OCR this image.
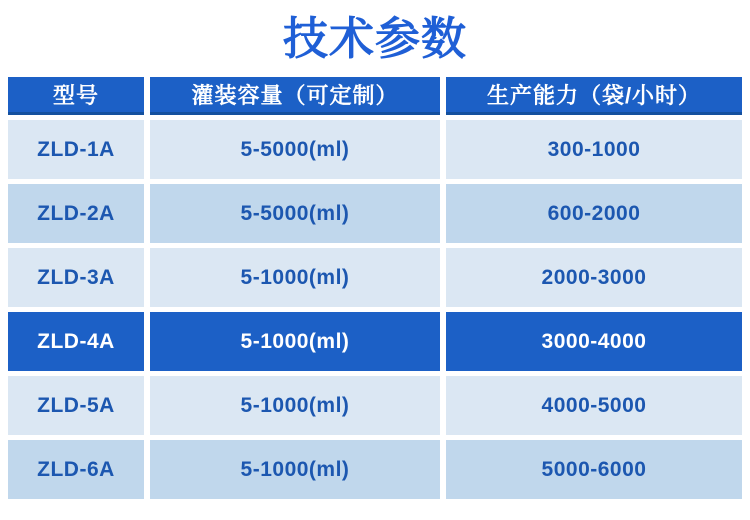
技术参数
型号	灌装容量（可定制）	生产能力（袋/小时）
ZLD-1A	5-5000(ml)	300-1000
ZLD-2A	5-5000(ml)	600-2000
ZLD-3A	5-1000(ml)	2000-3000
ZLD-4A	5-1000(ml)	3000-4000
ZLD-5A	5-1000(ml)	4000-5000
ZLD-6A	5-1000(ml)	5000-6000
